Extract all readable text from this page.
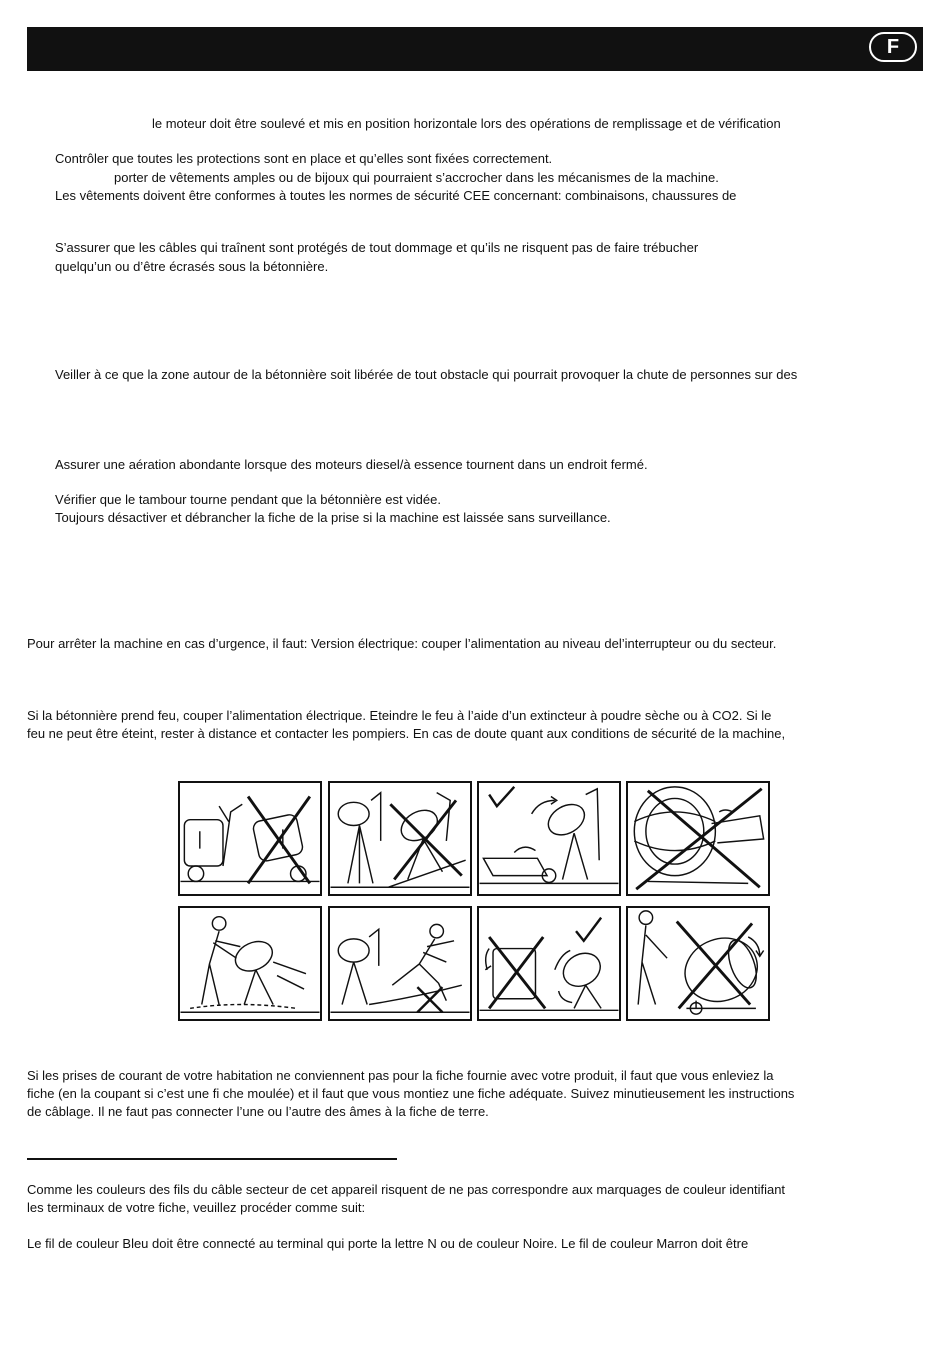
F
le moteur doit être soulevé et mis en position horizontale lors des opérations de remplissage et de vérification
Contrôler que toutes les protections sont en place et qu’elles sont fixées correctement.
porter de vêtements amples ou de bijoux qui pourraient s’accrocher dans les mécanismes de la machine.
Les vêtements doivent être conformes à toutes les normes de sécurité CEE concernant: combinaisons, chaussures de
S’assurer que les câbles qui traînent sont protégés de tout dommage et qu’ils ne risquent pas de faire trébucher
quelqu’un ou d’être écrasés sous la bétonnière.
Veiller à ce que la zone autour de la bétonnière soit libérée de tout obstacle qui pourrait provoquer la chute de personnes sur des
Assurer une aération abondante lorsque des moteurs diesel/à essence tournent dans un endroit fermé.
Vérifier que le tambour tourne pendant que la bétonnière est vidée.
Toujours désactiver et débrancher la fiche de la prise si la machine est laissée sans surveillance.
Pour arrêter la machine en cas d’urgence, il faut: Version électrique: couper l’alimentation au niveau del’interrupteur ou du secteur.
Si la bétonnière prend feu, couper l’alimentation électrique. Eteindre le feu à l’aide d’un extincteur à poudre sèche ou à CO2. Si le
feu ne peut être éteint, rester à distance et contacter les pompiers. En cas de doute quant aux conditions de sécurité de la machine,
Si les prises de courant de votre habitation ne conviennent pas pour la fiche fournie avec votre produit, il faut que vous enleviez la
fiche (en la coupant si c’est une fi che moulée) et il faut que vous montiez une fiche adéquate. Suivez minutieusement les instructions
de câblage. Il ne faut pas connecter l’une ou l’autre des âmes à la fiche de terre.
Comme les couleurs des fils du câble secteur de cet appareil risquent de ne pas correspondre aux marquages de couleur identifiant
les terminaux de votre fiche, veuillez procéder comme suit:
Le fil de couleur Bleu doit être connecté au terminal qui porte la lettre N ou de couleur Noire. Le fil de couleur Marron doit être
